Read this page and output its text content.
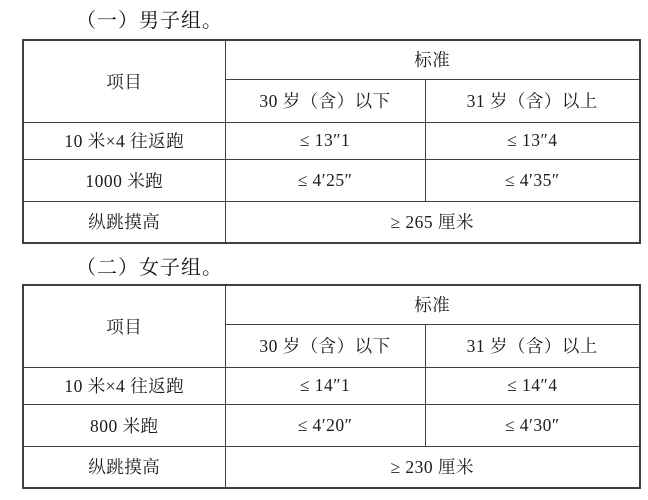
（一）男子组。

项目	标准	
	30 岁（含）以下	31 岁（含）以上
10 米×4 往返跑	≤ 13″1	≤ 13″4
1000 米跑	≤ 4′25″	≤ 4′35″
纵跳摸高	≥ 265 厘米	

（二）女子组。

项目	标准	
	30 岁（含）以下	31 岁（含）以上
10 米×4 往返跑	≤ 14″1	≤ 14″4
800 米跑	≤ 4′20″	≤ 4′30″
纵跳摸高	≥ 230 厘米	
